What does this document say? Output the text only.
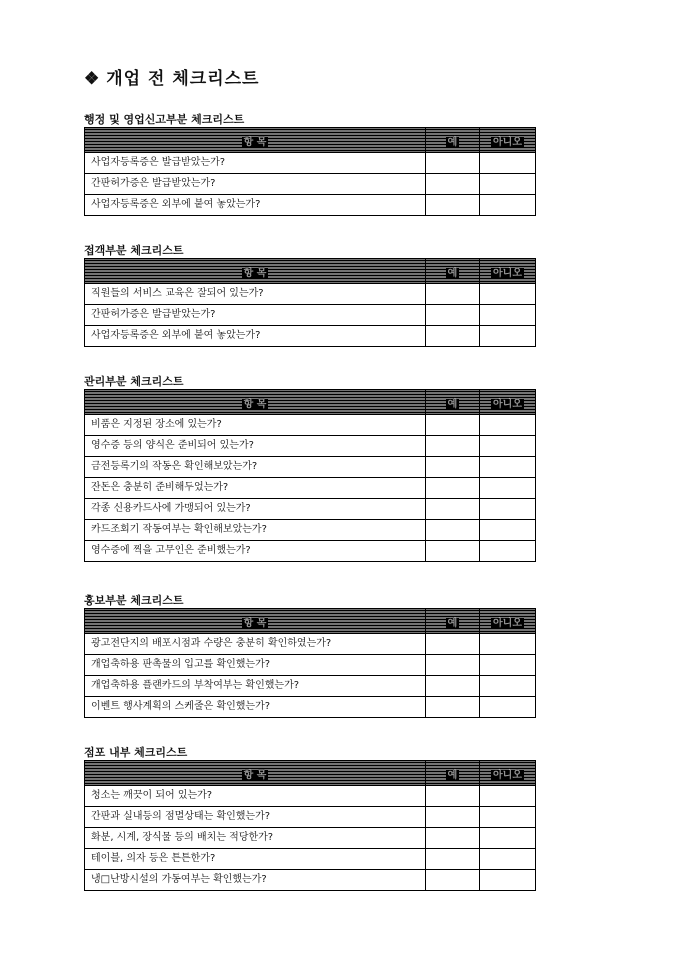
❖ 개업 전 체크리스트
행정 및 영업신고부분 체크리스트
항 목	예	아니오
사업자등록증은 발급받았는가?		
간판허가증은 발급받았는가?		
사업자등록증은 외부에 붙여 놓았는가?		
접객부분 체크리스트
항 목	예	아니오
직원들의 서비스 교육은 잘되어 있는가?		
간판허가증은 발급받았는가?		
사업자등록증은 외부에 붙여 놓았는가?		
관리부분 체크리스트
항 목	예	아니오
비품은 지정된 장소에 있는가?		
영수증 등의 양식은 준비되어 있는가?		
금전등록기의 작동은 확인해보았는가?		
잔돈은 충분히 준비해두었는가?		
각종 신용카드사에 가맹되어 있는가?		
카드조회기 작동여부는 확인해보았는가?		
영수증에 찍을 고무인은 준비했는가?		
홍보부분 체크리스트
항 목	예	아니오
광고전단지의 배포시점과 수량은 충분히 확인하였는가?		
개업축하용 판촉물의 입고를 확인했는가?		
개업축하용 플랜카드의 부착여부는 확인했는가?		
이벤트 행사계획의 스케줄은 확인했는가?		
점포 내부 체크리스트
항 목	예	아니오
청소는 깨끗이 되어 있는가?		
간판과 실내등의 점멸상태는 확인했는가?		
화분, 시계, 장식물 등의 배치는 적당한가?		
테이블, 의자 등은 튼튼한가?		
냉□난방시설의 가동여부는 확인했는가?		
